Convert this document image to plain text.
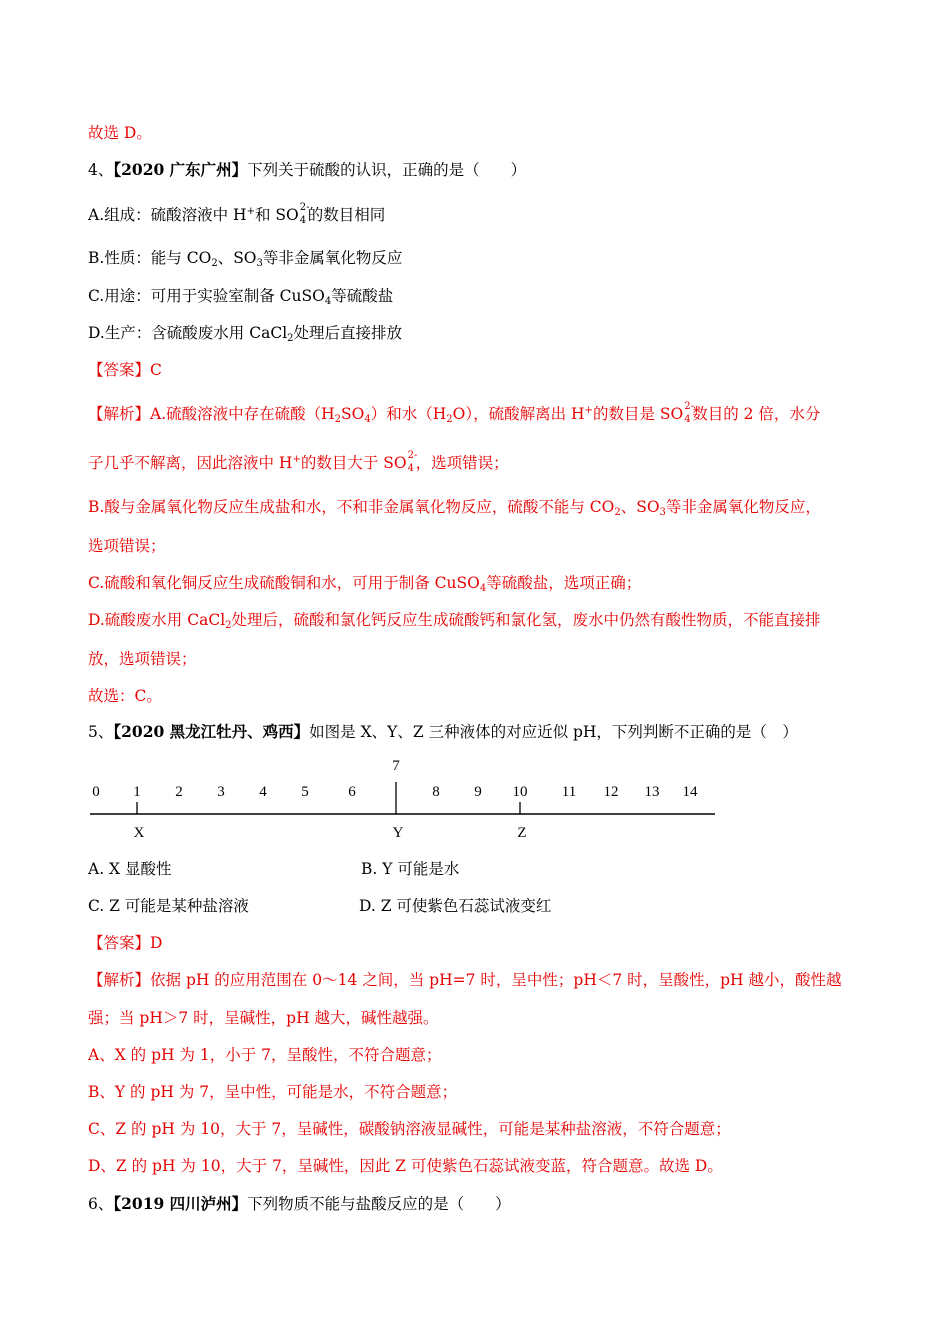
故选 D。
4、【2020 广东广州】下列关于硫酸的认识，正确的是（　　）
A.组成：硫酸溶液中 H+和 SO 2-
4 的数目相同
B.性质：能与 $CO_2$、$SO_3$等非金属氧化物反应
C.用途：可用于实验室制备 CuSO$_4$等硫酸盐
D.生产：含硫酸废水用 CaCl$_2$处理后直接排放
【答案】C
【解析】A.硫酸溶液中存在硫酸$(H_2SO_4)$和水$(H_2O)$，硫酸解离出 H+的数目是 SO 2-
4 数目的 2 倍，水分
子几乎不解离，因此溶液中 H+的数目大于 SO 2-
4 ，选项错误；
B.酸与金属氧化物反应生成盐和水，不和非金属氧化物反应，硫酸不能与 $CO_2$、$SO_3$等非金属氧化物反应，
选项错误；
C.硫酸和氧化铜反应生成硫酸铜和水，可用于制备 CuSO$_4$等硫酸盐，选项正确；
D.硫酸废水用 CaCl$_2$处理后，硫酸和氯化钙反应生成硫酸钙和氯化氢，废水中仍然有酸性物质，不能直接排
放，选项错误；
故选：C。
5、【2020 黑龙江牡丹、鸡西】如图是 X、Y、Z 三种液体的对应近似 pH，下列判断不正确的是（　）
0 1 2 3 4 5	6
7
8 9 10 11 12 13 14
X	Y	Z
A. X 显酸性	B. Y 可能是水
C. Z 可能是某种盐溶液	D. Z 可使紫色石蕊试液变红
【答案】D
【解析】依据 pH 的应用范围在 0～14 之间，当 pH=7 时，呈中性；pH＜7 时，呈酸性，pH 越小，酸性越
强；当 pH＞7 时，呈碱性，pH 越大，碱性越强。
A、X 的 pH 为 1，小于 7，呈酸性，不符合题意；
B、Y 的 pH 为 7，呈中性，可能是水，不符合题意；
C、Z 的 pH 为 10，大于 7，呈碱性，碳酸钠溶液显碱性，可能是某种盐溶液，不符合题意；
D、Z 的 pH 为 10，大于 7，呈碱性，因此 Z 可使紫色石蕊试液变蓝，符合题意。故选 D。
6、【2019 四川泸州】下列物质不能与盐酸反应的是（　　）
